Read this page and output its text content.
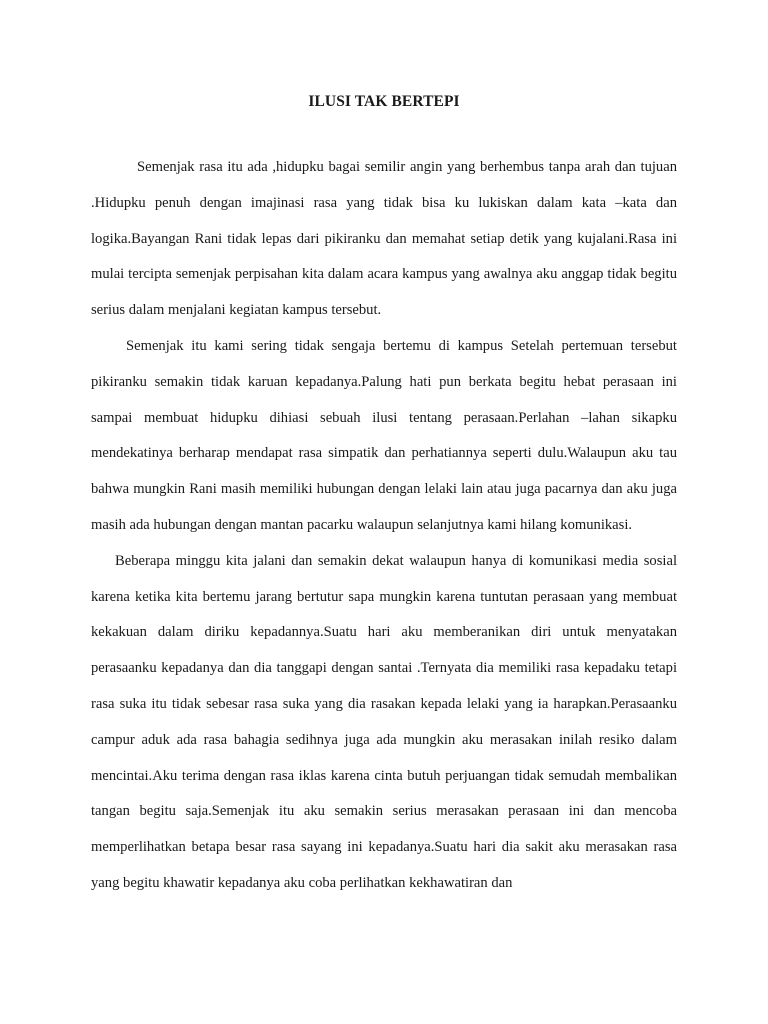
ILUSI TAK BERTEPI

Semenjak rasa itu ada ,hidupku bagai semilir angin yang berhembus tanpa arah dan tujuan .Hidupku penuh dengan imajinasi rasa yang tidak bisa ku lukiskan dalam kata –kata dan logika.Bayangan Rani tidak lepas dari pikiranku dan memahat setiap detik yang kujalani.Rasa ini mulai tercipta semenjak perpisahan kita dalam acara kampus yang awalnya aku anggap tidak begitu serius dalam menjalani kegiatan kampus tersebut.

Semenjak itu kami sering tidak sengaja bertemu di kampus Setelah pertemuan tersebut pikiranku semakin tidak karuan kepadanya.Palung hati pun berkata begitu hebat perasaan ini sampai membuat hidupku dihiasi sebuah ilusi tentang perasaan.Perlahan –lahan sikapku mendekatinya berharap mendapat rasa simpatik dan perhatiannya seperti dulu.Walaupun aku tau bahwa mungkin Rani masih memiliki hubungan dengan lelaki lain atau juga pacarnya dan aku juga masih ada hubungan dengan mantan pacarku walaupun selanjutnya kami hilang komunikasi.

Beberapa minggu kita jalani dan semakin dekat walaupun hanya di komunikasi media sosial karena ketika kita bertemu jarang bertutur sapa mungkin karena tuntutan perasaan yang membuat kekakuan dalam diriku kepadannya.Suatu hari aku memberanikan diri untuk menyatakan perasaanku kepadanya dan dia tanggapi dengan santai .Ternyata dia memiliki rasa kepadaku tetapi rasa suka itu tidak sebesar rasa suka yang dia rasakan kepada lelaki yang ia harapkan.Perasaanku campur aduk ada rasa bahagia sedihnya juga ada mungkin aku merasakan inilah resiko dalam mencintai.Aku terima dengan rasa iklas karena cinta butuh perjuangan tidak semudah membalikan tangan begitu saja.Semenjak itu aku semakin serius merasakan perasaan ini dan mencoba memperlihatkan betapa besar rasa sayang ini kepadanya.Suatu hari dia sakit aku merasakan rasa yang begitu khawatir kepadanya aku coba perlihatkan kekhawatiran dan
